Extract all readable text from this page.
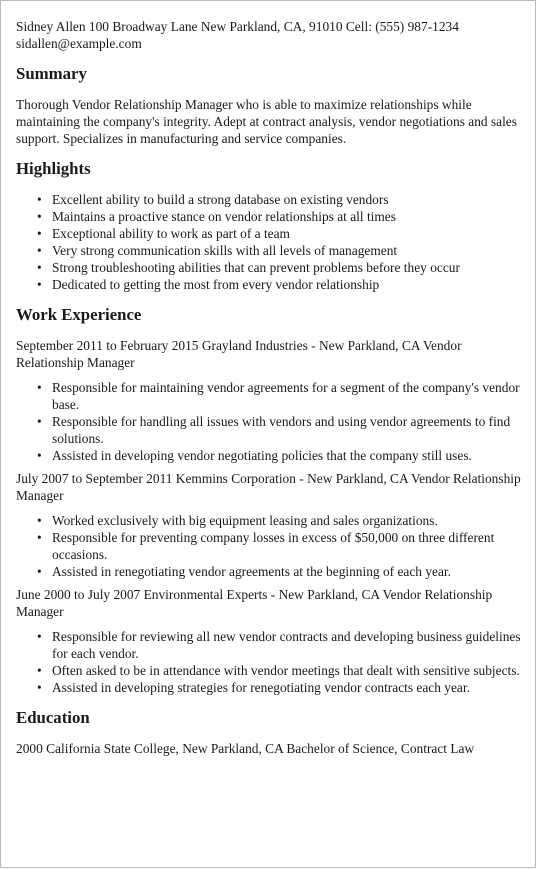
Sidney Allen 100 Broadway Lane New Parkland, CA, 91010 Cell: (555) 987-1234

sidallen@example.com

Summary

Thorough Vendor Relationship Manager who is able to maximize relationships while maintaining the company's integrity. Adept at contract analysis, vendor negotiations and sales support. Specializes in manufacturing and service companies.

Highlights
• Excellent ability to build a strong database on existing vendors
• Maintains a proactive stance on vendor relationships at all times
• Exceptional ability to work as part of a team
• Very strong communication skills with all levels of management
• Strong troubleshooting abilities that can prevent problems before they occur
• Dedicated to getting the most from every vendor relationship
Work Experience

September 2011 to February 2015 Grayland Industries - New Parkland, CA Vendor Relationship Manager

• Responsible for maintaining vendor agreements for a segment of the company's vendor base.
• Responsible for handling all issues with vendors and using vendor agreements to find solutions.
• Assisted in developing vendor negotiating policies that the company still uses.

July 2007 to September 2011 Kemmins Corporation - New Parkland, CA Vendor Relationship Manager

• Worked exclusively with big equipment leasing and sales organizations.
• Responsible for preventing company losses in excess of $50,000 on three different occasions.
• Assisted in renegotiating vendor agreements at the beginning of each year.

June 2000 to July 2007 Environmental Experts - New Parkland, CA Vendor Relationship Manager

• Responsible for reviewing all new vendor contracts and developing business guidelines for each vendor.
• Often asked to be in attendance with vendor meetings that dealt with sensitive subjects.
• Assisted in developing strategies for renegotiating vendor contracts each year.
Education

2000 California State College, New Parkland, CA Bachelor of Science, Contract Law
